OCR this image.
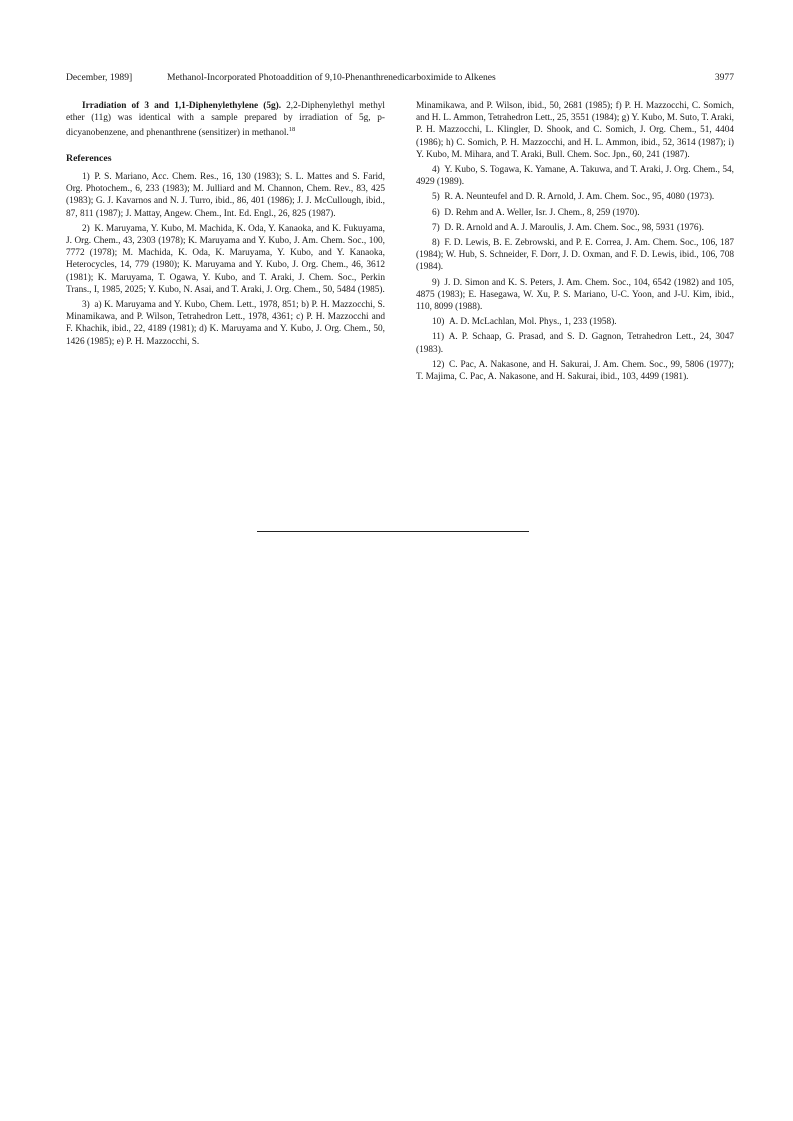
December, 1989]	Methanol-Incorporated Photoaddition of 9,10-Phenanthrenedicarboximide to Alkenes	3977

Irradiation of 3 and 1,1-Diphenylethylene (5g). 2,2-Diphenylethyl methyl ether (11g) was identical with a sample prepared by irradiation of 5g, p-dicyanobenzene, and phenanthrene (sensitizer) in methanol.$^{18}$

References

1) P. S. Mariano, Acc. Chem. Res., 16, 130 (1983); S. L. Mattes and S. Farid, Org. Photochem., 6, 233 (1983); M. Julliard and M. Channon, Chem. Rev., 83, 425 (1983); G. J. Kavarnos and N. J. Turro, ibid., 86, 401 (1986); J. J. McCullough, ibid., 87, 811 (1987); J. Mattay, Angew. Chem., Int. Ed. Engl., 26, 825 (1987).

2) K. Maruyama, Y. Kubo, M. Machida, K. Oda, Y. Kanaoka, and K. Fukuyama, J. Org. Chem., 43, 2303 (1978); K. Maruyama and Y. Kubo, J. Am. Chem. Soc., 100, 7772 (1978); M. Machida, K. Oda, K. Maruyama, Y. Kubo, and Y. Kanaoka, Heterocycles, 14, 779 (1980); K. Maruyama and Y. Kubo, J. Org. Chem., 46, 3612 (1981); K. Maruyama, T. Ogawa, Y. Kubo, and T. Araki, J. Chem. Soc., Perkin Trans., I, 1985, 2025; Y. Kubo, N. Asai, and T. Araki, J. Org. Chem., 50, 5484 (1985).

3) a) K. Maruyama and Y. Kubo, Chem. Lett., 1978, 851; b) P. H. Mazzocchi, S. Minamikawa, and P. Wilson, Tetrahedron Lett., 1978, 4361; c) P. H. Mazzocchi and F. Khachik, ibid., 22, 4189 (1981); d) K. Maruyama and Y. Kubo, J. Org. Chem., 50, 1426 (1985); e) P. H. Mazzocchi, S.

Minamikawa, and P. Wilson, ibid., 50, 2681 (1985); f) P. H. Mazzocchi, C. Somich, and H. L. Ammon, Tetrahedron Lett., 25, 3551 (1984); g) Y. Kubo, M. Suto, T. Araki, P. H. Mazzocchi, L. Klingler, D. Shook, and C. Somich, J. Org. Chem., 51, 4404 (1986); h) C. Somich, P. H. Mazzocchi, and H. L. Ammon, ibid., 52, 3614 (1987); i) Y. Kubo, M. Mihara, and T. Araki, Bull. Chem. Soc. Jpn., 60, 241 (1987).

4) Y. Kubo, S. Togawa, K. Yamane, A. Takuwa, and T. Araki, J. Org. Chem., 54, 4929 (1989).

5) R. A. Neunteufel and D. R. Arnold, J. Am. Chem. Soc., 95, 4080 (1973).

6) D. Rehm and A. Weller, Isr. J. Chem., 8, 259 (1970).

7) D. R. Arnold and A. J. Maroulis, J. Am. Chem. Soc., 98, 5931 (1976).

8) F. D. Lewis, B. E. Zebrowski, and P. E. Correa, J. Am. Chem. Soc., 106, 187 (1984); W. Hub, S. Schneider, F. Dorr, J. D. Oxman, and F. D. Lewis, ibid., 106, 708 (1984).

9) J. D. Simon and K. S. Peters, J. Am. Chem. Soc., 104, 6542 (1982) and 105, 4875 (1983); E. Hasegawa, W. Xu, P. S. Mariano, U-C. Yoon, and J-U. Kim, ibid., 110, 8099 (1988).

10) A. D. McLachlan, Mol. Phys., 1, 233 (1958).

11) A. P. Schaap, G. Prasad, and S. D. Gagnon, Tetrahedron Lett., 24, 3047 (1983).

12) C. Pac, A. Nakasone, and H. Sakurai, J. Am. Chem. Soc., 99, 5806 (1977); T. Majima, C. Pac, A. Nakasone, and H. Sakurai, ibid., 103, 4499 (1981).
